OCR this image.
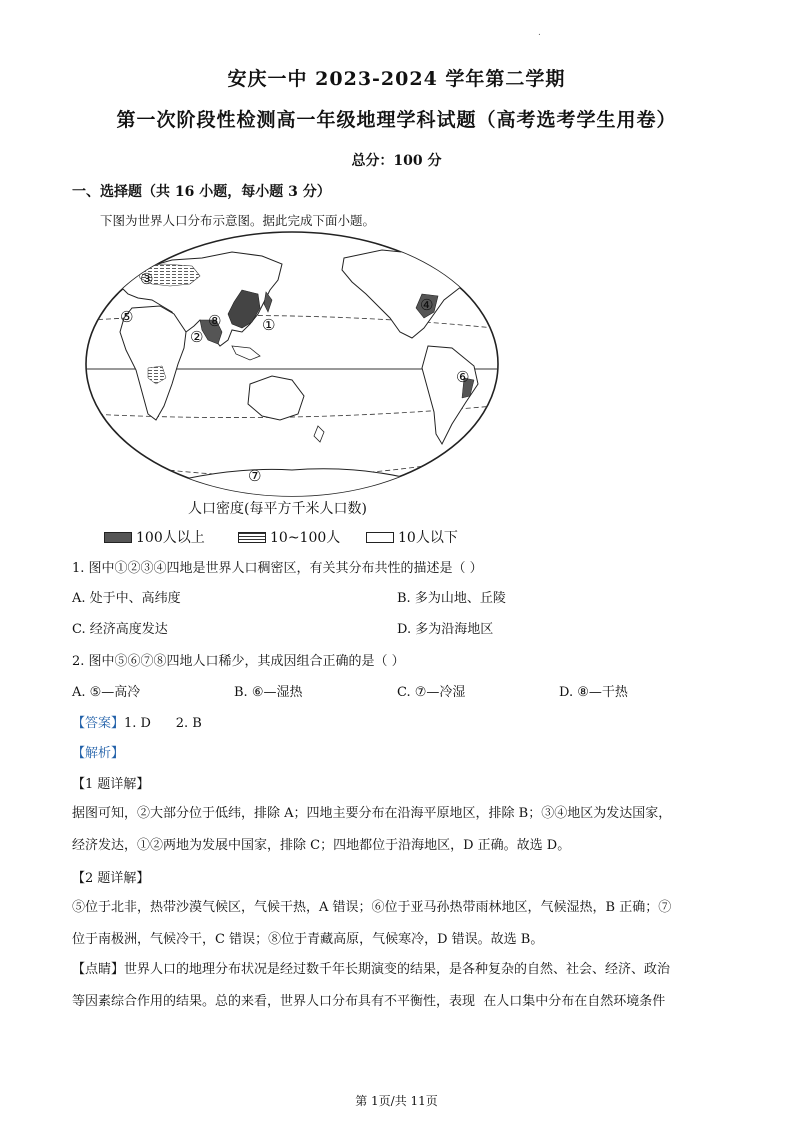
.
安庆一中 2023-2024 学年第二学期
第一次阶段性检测高一年级地理学科试题（高考选考学生用卷）
总分：100 分
一、选择题（共 16 小题，每小题 3 分）
下图为世界人口分布示意图。据此完成下面小题。
①
②
③
④
⑤
⑥
⑦
⑧
人口密度(每平方千米人口数)
100人以上	10~100人	10人以下
1. 图中①②③④四地是世界人口稠密区，有关其分布共性的描述是（ ）
A. 处于中、高纬度	B. 多为山地、丘陵
C. 经济高度发达	D. 多为沿海地区
2. 图中⑤⑥⑦⑧四地人口稀少，其成因组合正确的是（ ）
A. ⑤—高冷	B. ⑥—湿热	C. ⑦—冷湿	D. ⑧—干热
【答案】1. D      2. B
【解析】
【1 题详解】
据图可知，②大部分位于低纬，排除 A；四地主要分布在沿海平原地区，排除 B；③④地区为发达国家，
经济发达，①②两地为发展中国家，排除 C；四地都位于沿海地区，D 正确。故选 D。
【2 题详解】
⑤位于北非，热带沙漠气候区，气候干热，A 错误；⑥位于亚马孙热带雨林地区，气候湿热，B 正确；⑦
位于南极洲，气候冷干，C 错误；⑧位于青藏高原，气候寒冷，D 错误。故选 B。
【点睛】世界人口的地理分布状况是经过数千年长期演变的结果，是各种复杂的自然、社会、经济、政治
等因素综合作用的结果。总的来看，世界人口分布具有不平衡性，表现  在人口集中分布在自然环境条件
第 1页/共 11页
